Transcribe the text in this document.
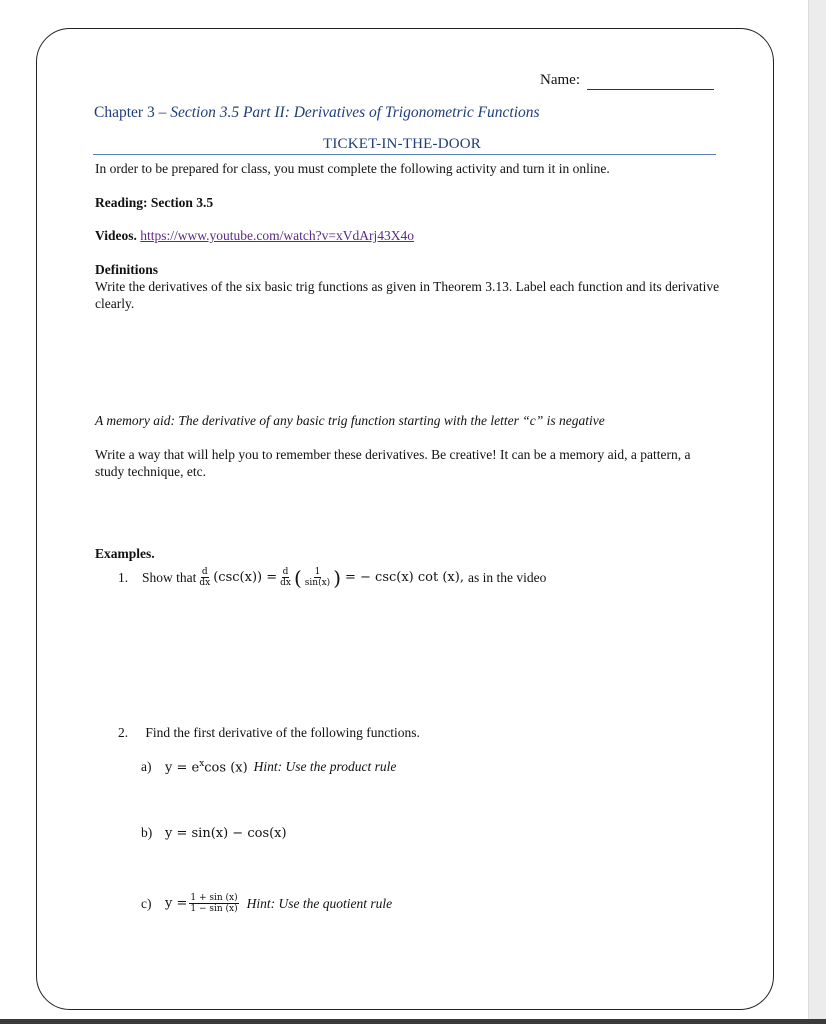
Name:
Chapter 3 – Section 3.5 Part II: Derivatives of Trigonometric Functions
TICKET-IN-THE-DOOR
In order to be prepared for class, you must complete the following activity and turn it in online.
Reading: Section 3.5
Videos. https://www.youtube.com/watch?v=xVdArj43X4o
Definitions
Write the derivatives of the six basic trig functions as given in Theorem 3.13. Label each function and its derivative clearly.
A memory aid: The derivative of any basic trig function starting with the letter “c” is negative
Write a way that will help you to remember these derivatives. Be creative! It can be a memory aid, a pattern, a study technique, etc.
Examples.
1.	Show that $\frac{d}{dx} (\csc(x)) = \frac{d}{dx}$ ( $\frac{1}{\sin(x)}$ ) = − csc(x) cot (x), as in the video
2. Find the first derivative of the following functions.
a)	$y = e^x\cos$ (x) Hint: Use the product rule
b) y = sin(x) − cos(x)
c)	$y = \frac{1 + \sin (x)}{1 - \sin (x)}$ Hint: Use the quotient rule
